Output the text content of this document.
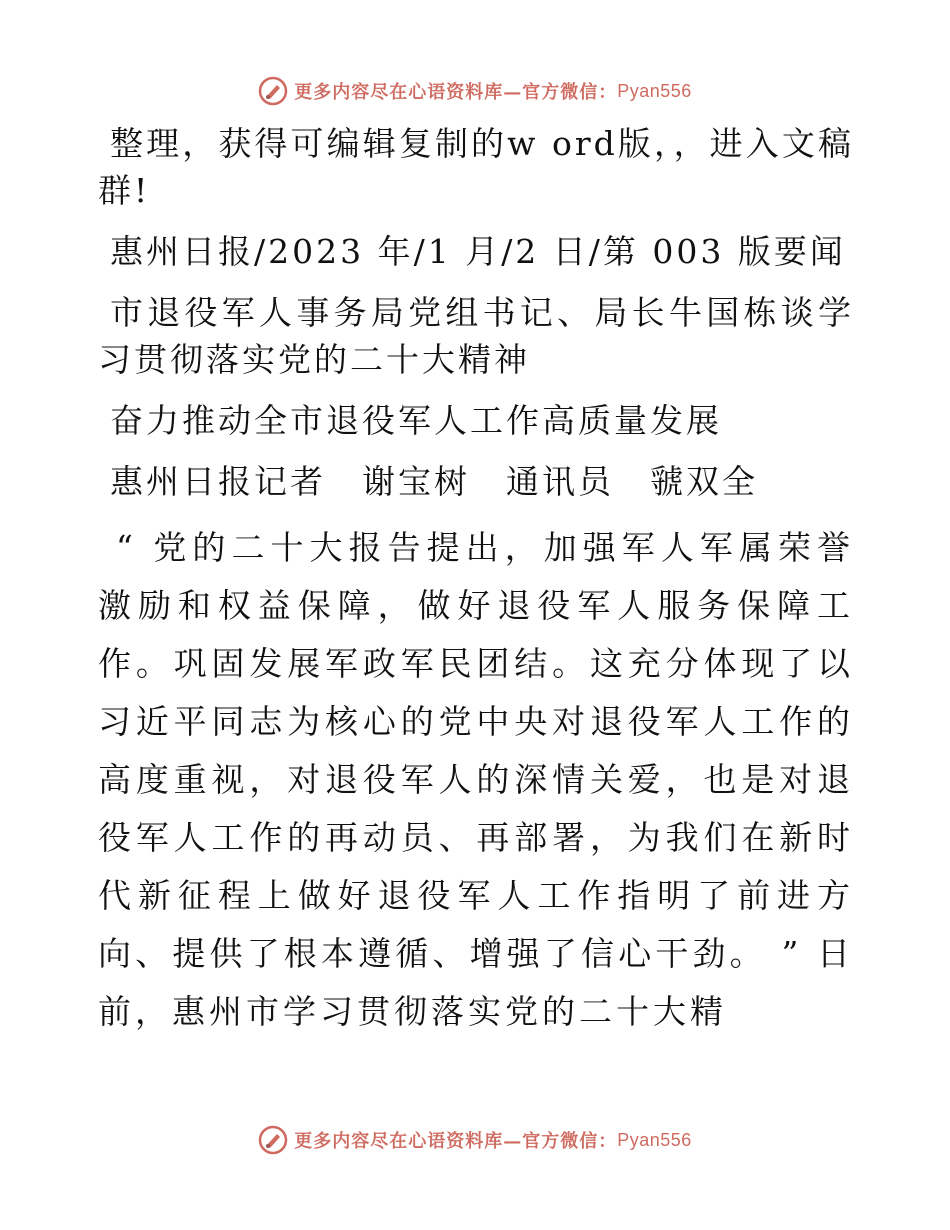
更多内容尽在心语资料库—官方微信： Pyan556

整理，获得可编辑复制的w ord版，，进入文稿群!

惠州日报/2023 年/1 月/2 日/第 003 版要闻

市退役军人事务局党组书记、局长牛国栋谈学习贯彻落实党的二十大精神

奋力推动全市退役军人工作高质量发展

惠州日报记者 谢宝树 通讯员 虢双全

“ 党的二十大报告提出，加强军人军属荣誉激励和权益保障，做好退役军人服务保障工作。巩固发展军政军民团结。这充分体现了以习近平同志为核心的党中央对退役军人工作的高度重视，对退役军人的深情关爱，也是对退役军人工作的再动员、再部署，为我们在新时代新征程上做好退役军人工作指明了前进方向、提供了根本遵循、增强了信心干劲。 ” 日前，惠州市学习贯彻落实党的二十大精

更多内容尽在心语资料库—官方微信： Pyan556
